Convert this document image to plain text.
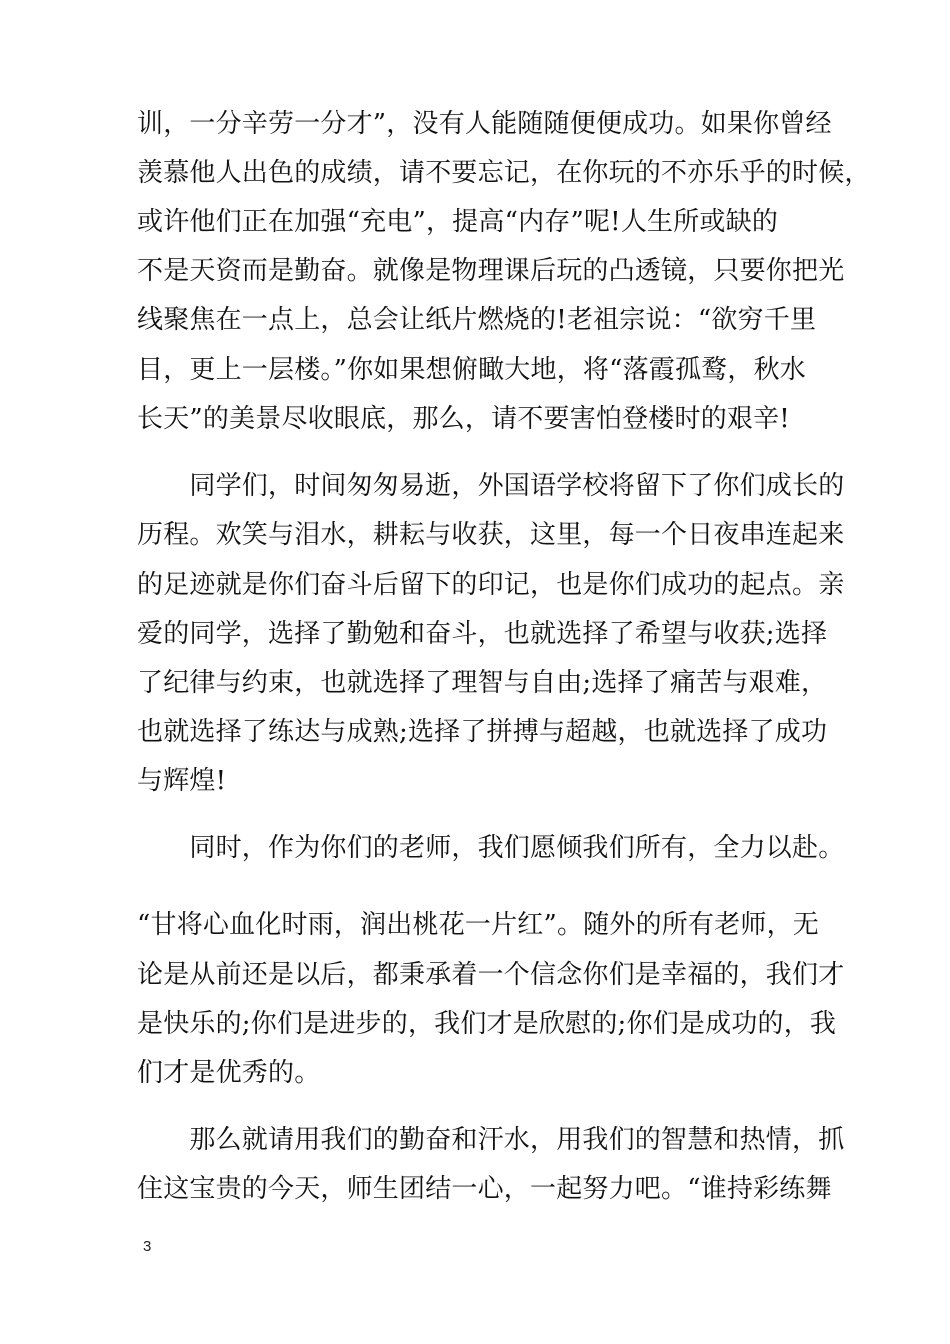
训，一分辛劳一分才”，没有人能随随便便成功。如果你曾经
羡慕他人出色的成绩，请不要忘记，在你玩的不亦乐乎的时候，
或许他们正在加强“充电”，提高“内存”呢!人生所或缺的
不是天资而是勤奋。就像是物理课后玩的凸透镜，只要你把光
线聚焦在一点上，总会让纸片燃烧的!老祖宗说：“欲穷千里
目，更上一层楼。”你如果想俯瞰大地，将“落霞孤鹜，秋水
长天”的美景尽收眼底，那么，请不要害怕登楼时的艰辛!
　　同学们，时间匆匆易逝，外国语学校将留下了你们成长的
历程。欢笑与泪水，耕耘与收获，这里，每一个日夜串连起来
的足迹就是你们奋斗后留下的印记，也是你们成功的起点。亲
爱的同学，选择了勤勉和奋斗，也就选择了希望与收获;选择
了纪律与约束，也就选择了理智与自由;选择了痛苦与艰难，
也就选择了练达与成熟;选择了拼搏与超越，也就选择了成功
与辉煌!
　　同时，作为你们的老师，我们愿倾我们所有，全力以赴。
“甘将心血化时雨，润出桃花一片红”。随外的所有老师，无
论是从前还是以后，都秉承着一个信念你们是幸福的，我们才
是快乐的;你们是进步的，我们才是欣慰的;你们是成功的，我
们才是优秀的。
　　那么就请用我们的勤奋和汗水，用我们的智慧和热情，抓
住这宝贵的今天，师生团结一心，一起努力吧。“谁持彩练舞
3
